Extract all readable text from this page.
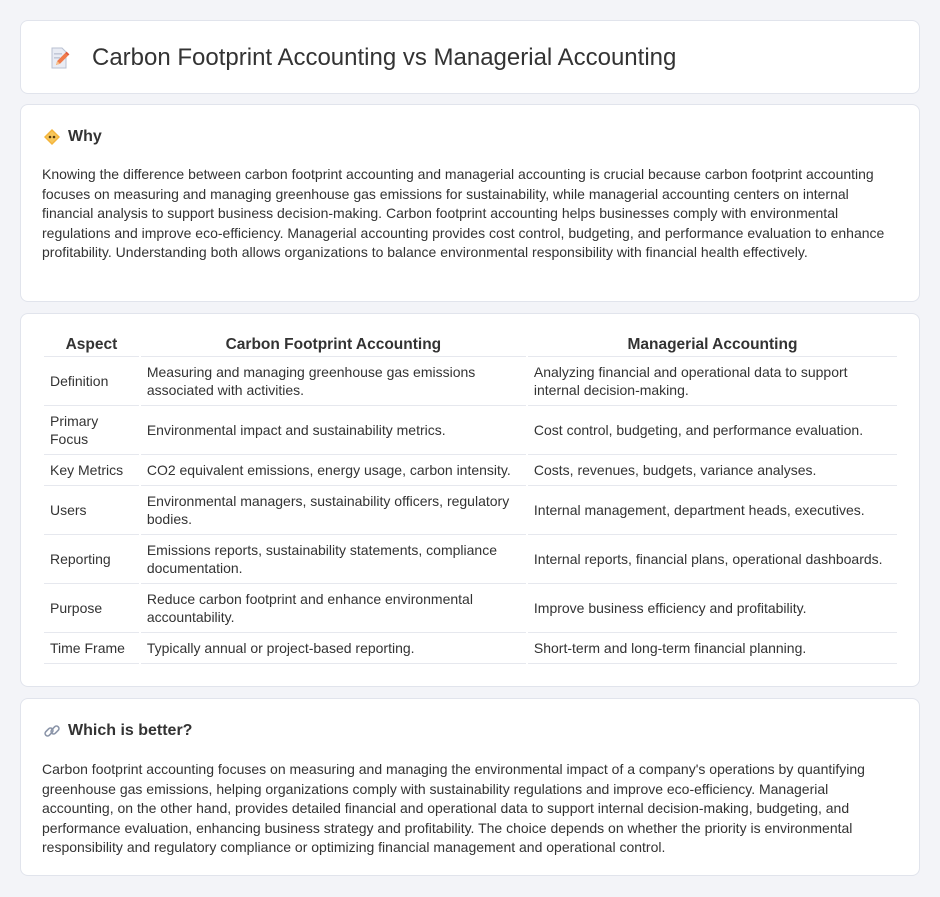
Carbon Footprint Accounting vs Managerial Accounting
Why

Knowing the difference between carbon footprint accounting and managerial accounting is crucial because carbon footprint accounting focuses on measuring and managing greenhouse gas emissions for sustainability, while managerial accounting centers on internal financial analysis to support business decision-making. Carbon footprint accounting helps businesses comply with environmental regulations and improve eco-efficiency. Managerial accounting provides cost control, budgeting, and performance evaluation to enhance profitability. Understanding both allows organizations to balance environmental responsibility with financial health effectively.

Aspect	Carbon Footprint Accounting	Managerial Accounting
Definition	Measuring and managing greenhouse gas emissions associated with activities.	Analyzing financial and operational data to support internal decision-making.
Primary Focus	Environmental impact and sustainability metrics.	Cost control, budgeting, and performance evaluation.
Key Metrics	CO2 equivalent emissions, energy usage, carbon intensity.	Costs, revenues, budgets, variance analyses.
Users	Environmental managers, sustainability officers, regulatory bodies.	Internal management, department heads, executives.
Reporting	Emissions reports, sustainability statements, compliance documentation.	Internal reports, financial plans, operational dashboards.
Purpose	Reduce carbon footprint and enhance environmental accountability.	Improve business efficiency and profitability.
Time Frame	Typically annual or project-based reporting.	Short-term and long-term financial planning.
Which is better?

Carbon footprint accounting focuses on measuring and managing the environmental impact of a company's operations by quantifying greenhouse gas emissions, helping organizations comply with sustainability regulations and improve eco-efficiency. Managerial accounting, on the other hand, provides detailed financial and operational data to support internal decision-making, budgeting, and performance evaluation, enhancing business strategy and profitability. The choice depends on whether the priority is environmental responsibility and regulatory compliance or optimizing financial management and operational control.
